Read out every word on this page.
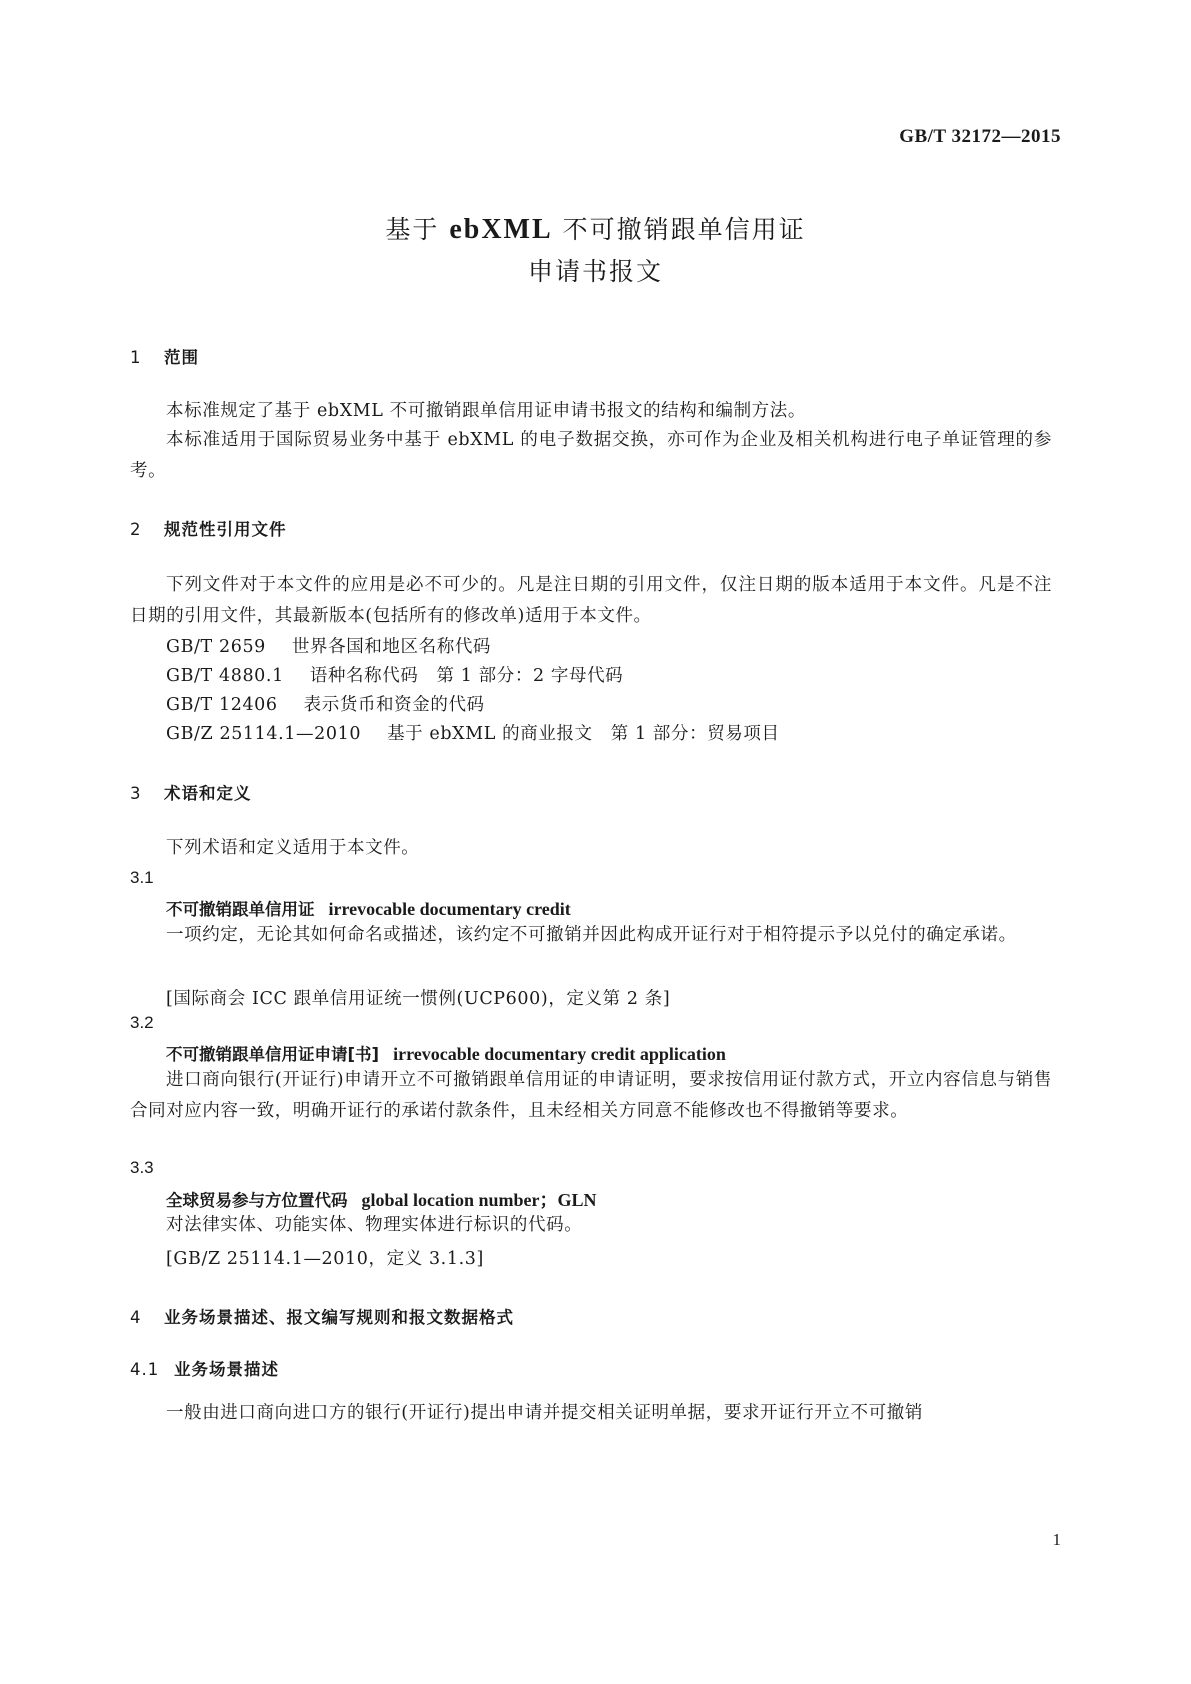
GB/T 32172—2015
基于 ebXML 不可撤销跟单信用证
申请书报文
1 范围
本标准规定了基于 ebXML 不可撤销跟单信用证申请书报文的结构和编制方法。
本标准适用于国际贸易业务中基于 ebXML 的电子数据交换，亦可作为企业及相关机构进行电子单证管理的参考。
2 规范性引用文件
下列文件对于本文件的应用是必不可少的。凡是注日期的引用文件，仅注日期的版本适用于本文件。凡是不注日期的引用文件，其最新版本(包括所有的修改单)适用于本文件。
GB/T 2659 世界各国和地区名称代码
GB/T 4880.1 语种名称代码　第 1 部分：2 字母代码
GB/T 12406 表示货币和资金的代码
GB/Z 25114.1—2010 基于 ebXML 的商业报文　第 1 部分：贸易项目
3 术语和定义
下列术语和定义适用于本文件。
3.1
不可撤销跟单信用证 irrevocable documentary credit
一项约定，无论其如何命名或描述，该约定不可撤销并因此构成开证行对于相符提示予以兑付的确定承诺。
[国际商会 ICC 跟单信用证统一惯例(UCP600)，定义第 2 条]
3.2
不可撤销跟单信用证申请[书] irrevocable documentary credit application
进口商向银行(开证行)申请开立不可撤销跟单信用证的申请证明，要求按信用证付款方式，开立内容信息与销售合同对应内容一致，明确开证行的承诺付款条件，且未经相关方同意不能修改也不得撤销等要求。
3.3
全球贸易参与方位置代码 global location number；GLN
对法律实体、功能实体、物理实体进行标识的代码。
[GB/Z 25114.1—2010，定义 3.1.3]
4 业务场景描述、报文编写规则和报文数据格式
4.1 业务场景描述
一般由进口商向进口方的银行(开证行)提出申请并提交相关证明单据，要求开证行开立不可撤销
1
